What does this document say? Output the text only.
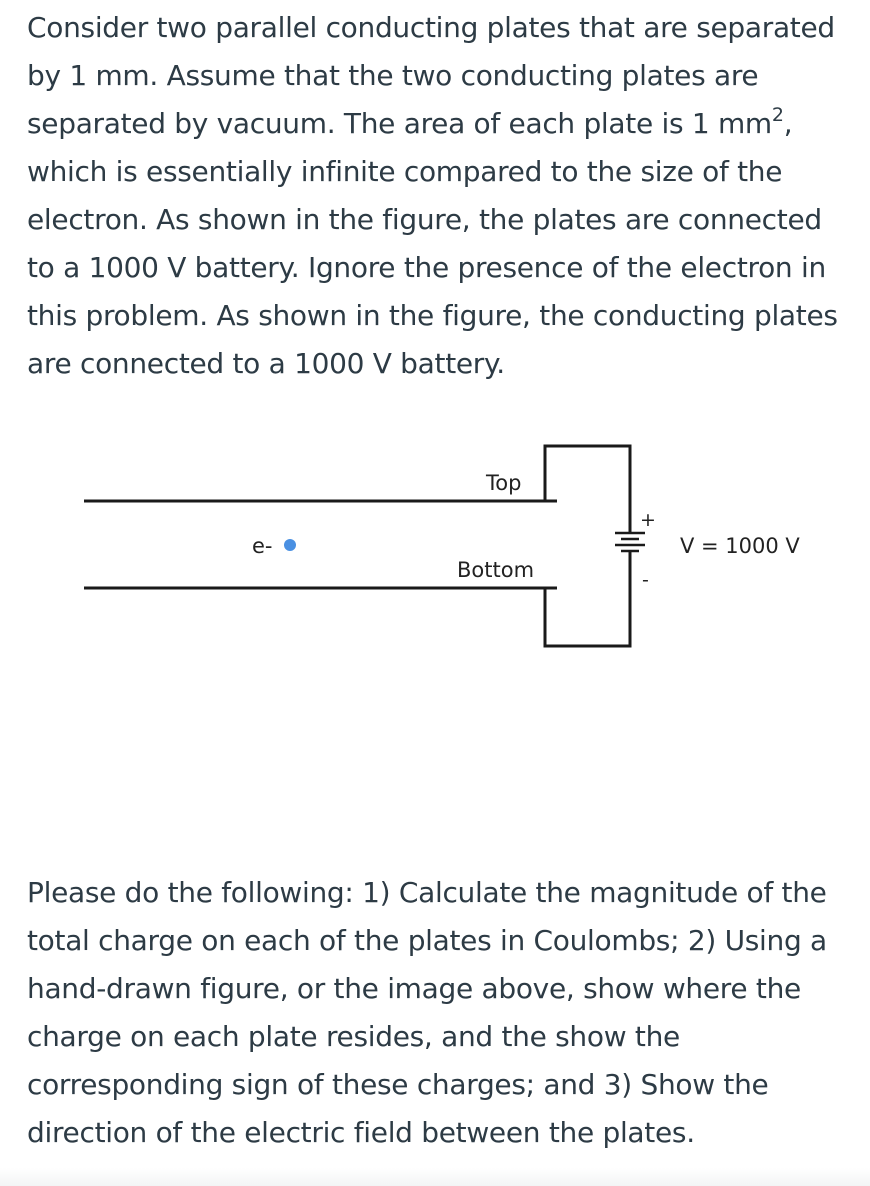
Consider two parallel conducting plates that are separated by 1 mm. Assume that the two conducting plates are separated by vacuum. The area of each plate is 1 $mm^2$, which is essentially infinite compared to the size of the electron. As shown in the figure, the plates are connected to a 1000 V battery. Ignore the presence of the electron in this problem. As shown in the figure, the conducting plates are connected to a 1000 V battery.

+
-
Top
Bottom
V = 1000 V
e-

Please do the following: 1) Calculate the magnitude of the total charge on each of the plates in Coulombs; 2) Using a hand-drawn figure, or the image above, show where the charge on each plate resides, and the show the corresponding sign of these charges; and 3) Show the direction of the electric field between the plates.
